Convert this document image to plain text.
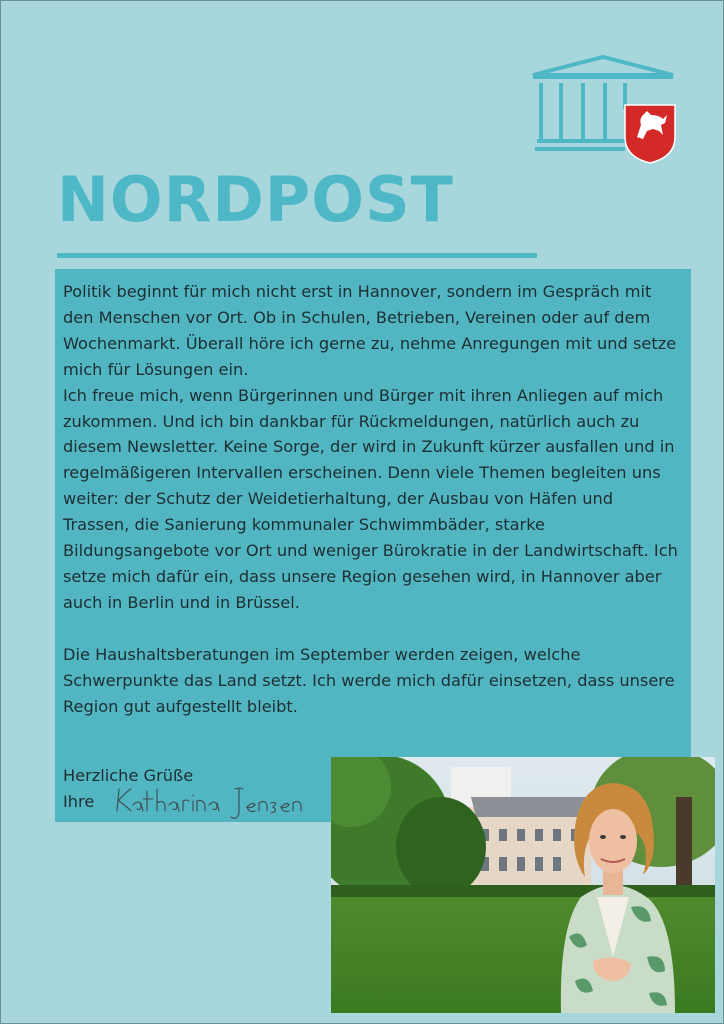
NORDPOST

Politik beginnt für mich nicht erst in Hannover, sondern im Gespräch mit den Menschen vor Ort. Ob in Schulen, Betrieben, Vereinen oder auf dem Wochenmarkt. Überall höre ich gerne zu, nehme Anregungen mit und setze mich für Lösungen ein.

Ich freue mich, wenn Bürgerinnen und Bürger mit ihren Anliegen auf mich zukommen. Und ich bin dankbar für Rückmeldungen, natürlich auch zu diesem Newsletter. Keine Sorge, der wird in Zukunft kürzer ausfallen und in regelmäßigeren Intervallen erscheinen. Denn viele Themen begleiten uns weiter: der Schutz der Weidetierhaltung, der Ausbau von Häfen und Trassen, die Sanierung kommunaler Schwimmbäder, starke Bildungsangebote vor Ort und weniger Bürokratie in der Landwirtschaft. Ich setze mich dafür ein, dass unsere Region gesehen wird, in Hannover aber auch in Berlin und in Brüssel.

Die Haushaltsberatungen im September werden zeigen, welche Schwerpunkte das Land setzt. Ich werde mich dafür einsetzen, dass unsere Region gut aufgestellt bleibt.

Herzliche Grüße
Ihre
